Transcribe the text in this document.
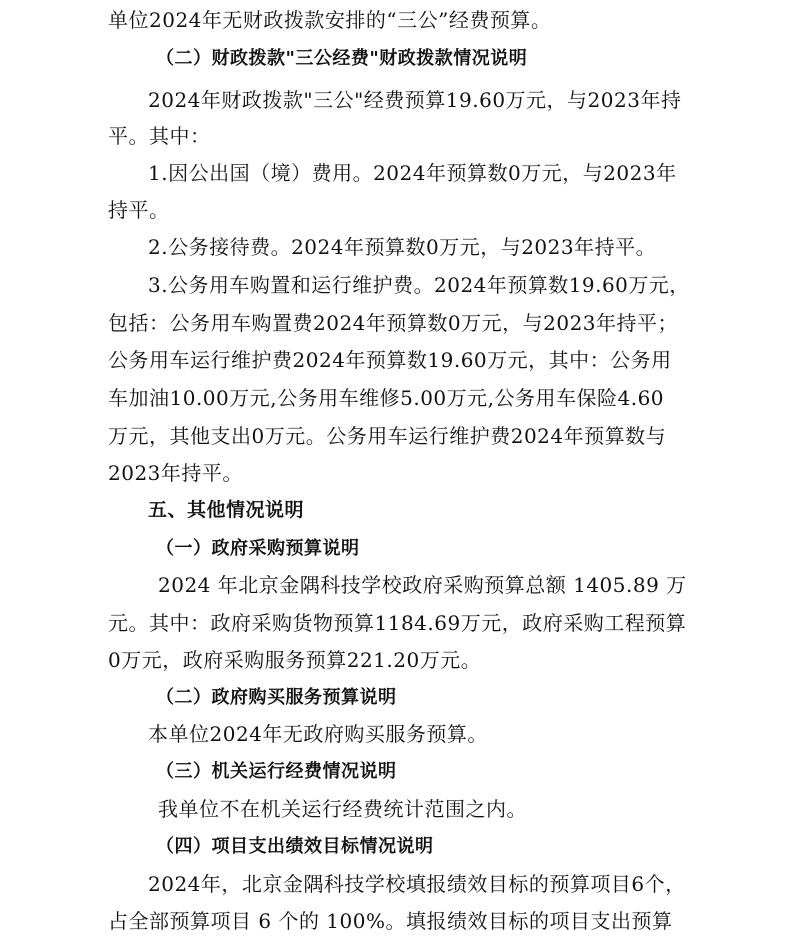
单位2024年无财政拨款安排的“三公”经费预算。
（二）财政拨款"三公经费"财政拨款情况说明
2024年财政拨款"三公"经费预算19.60万元，与2023年持
平。其中：
1.因公出国（境）费用。2024年预算数0万元，与2023年
持平。
2.公务接待费。2024年预算数0万元，与2023年持平。
3.公务用车购置和运行维护费。2024年预算数19.60万元，
包括：公务用车购置费2024年预算数0万元，与2023年持平；
公务用车运行维护费2024年预算数19.60万元，其中：公务用
车加油10.00万元,公务用车维修5.00万元,公务用车保险4.60
万元，其他支出0万元。公务用车运行维护费2024年预算数与
2023年持平。
五、其他情况说明
（一）政府采购预算说明
2024 年北京金隅科技学校政府采购预算总额 1405.89 万
元。其中：政府采购货物预算1184.69万元，政府采购工程预算
0万元，政府采购服务预算221.20万元。
（二）政府购买服务预算说明
本单位2024年无政府购买服务预算。
（三）机关运行经费情况说明
我单位不在机关运行经费统计范围之内。
（四）项目支出绩效目标情况说明
2024年，北京金隅科技学校填报绩效目标的预算项目6个，
占全部预算项目 6 个的 100%。填报绩效目标的项目支出预算
